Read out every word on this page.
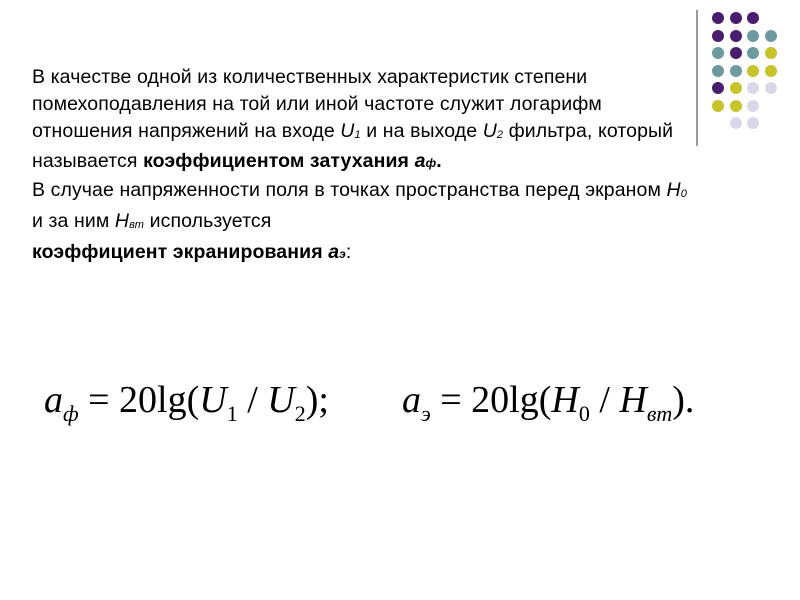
В качестве одной из количественных характеристик степени помехоподавления на той или иной частоте служит логарифм отношения напряжений на входе U1 и на выходе U2 фильтра, который называется коэффициентом затухания aф.

В случае напряженности поля в точках пространства перед экраном H0 и за ним Hвт используется
коэффициент экранирования aэ:

$a_ф = 20\lg(U_1 / U_2)$; $a_э = 20\lg(H_0 / H_{вт})$.
